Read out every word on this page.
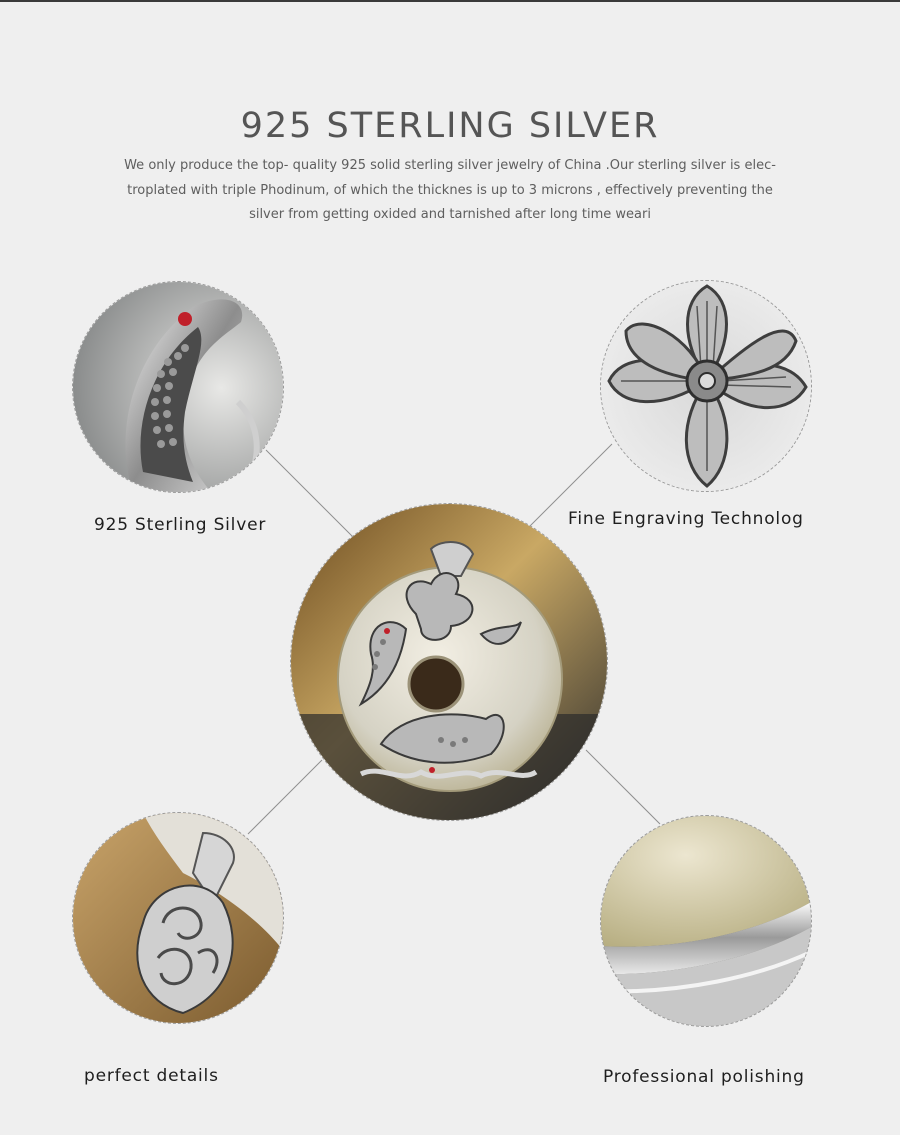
925 STERLING SILVER
We only produce the top- quality 925 solid sterling silver jewelry of China .Our sterling silver is elec-
troplated with triple Phodinum, of which the thicknes is up to 3 microns , effectively preventing the
silver from getting oxided and tarnished after long time weari
925 Sterling Silver	Fine Engraving Technolog
perfect details	Professional polishing
